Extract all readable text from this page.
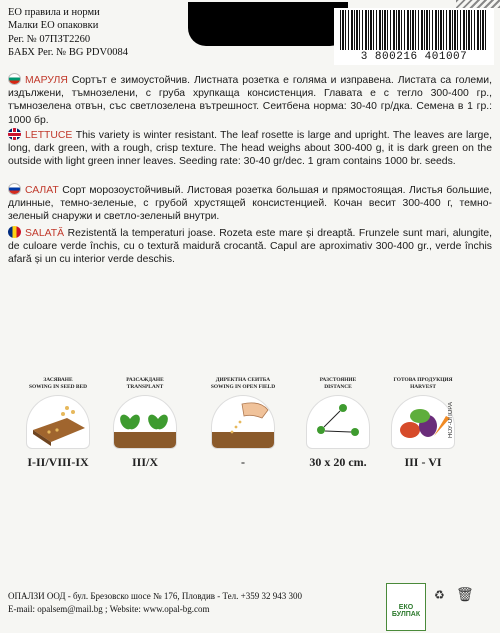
ЕО правила и норми
Малки ЕО опаковки
Рег. № 07ПЗТ2260
БАБХ Рег. № BG PDV0084	3 800216 401007
МАРУЛЯ Сортът е зимоустойчив. Листната розетка е голяма и изправена. Листата са големи, издължени, тъмнозелени, с груба хрупкаща консистенция. Главата е с тегло 300-400 гр., тъмнозелена отвън, със светлозелена вътрешност. Сеитбена норма: 30-40 гр/дка. Семена в 1 гр.: 1000 бр.
LETTUCE This variety is winter resistant. The leaf rosette is large and upright. The leaves are large, long, dark green, with a rough, crisp texture. The head weighs about 300-400 g, it is dark green on the outside with light green inner leaves. Seeding rate: 30-40 gr/dec. 1 gram contains 1000 br. seeds.
САЛАТ Сорт морозоустойчивый. Листовая розетка большая и прямостоящая. Листья большие, длинные, темно-зеленые, с грубой хрустящей консистенцией. Кочан весит 300-400 г, темно-зеленый снаружи и светло-зеленый внутри.
SALATĂ Rezistentă la temperaturi joase. Rozeta este mare și dreaptă. Frunzele sunt mari, alungite, de culoare verde închis, cu o textură maidură crocantă. Capul are aproximativ 300-400 gr., verde închis afară și un cu interior verde deschis.
ЗАСЯВАНЕ
SOWING IN SEED BED
I-II/VIII-IX
РАЗСАЖДАНЕ
TRANSPLANT
III/X
ДИРЕКТНА СЕИТБА
SOWING IN OPEN FIELD
-
РАЗСТОЯНИЕ
DISTANCE
30 x 20 cm.
ГОТОВА ПРОДУКЦИЯ
HARVEST
III - VI
НОУ-ОПОРА
ОПАЛЗИ ООД - бул. Брезовско шосе № 176, Пловдив - Тел. +359 32 943 300
E-mail: opalsem@mail.bg ; Website: www.opal-bg.com	ЕКО БУЛПАК
♻
🗑
